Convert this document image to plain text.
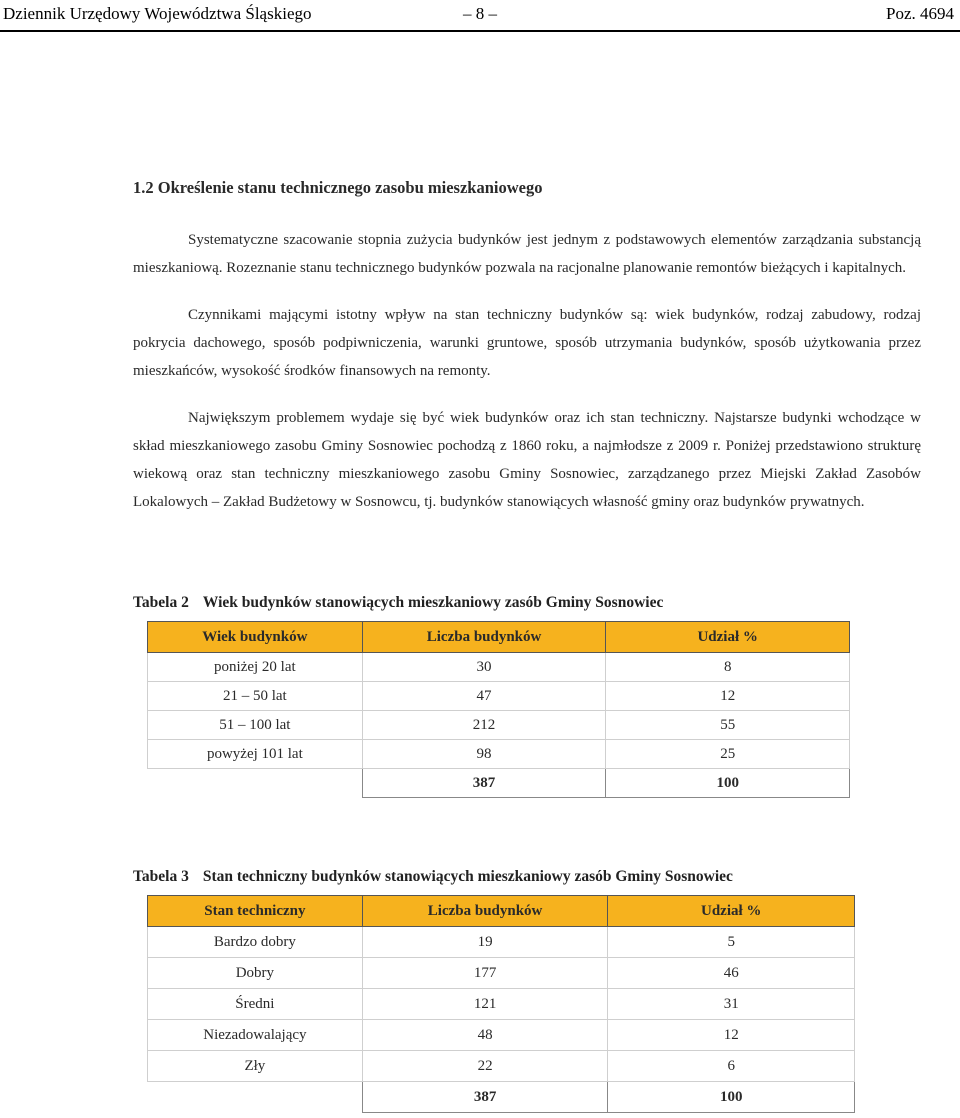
– 8 –
Dziennik Urzędowy Województwa Śląskiego	Poz. 4694
1.2 Określenie stanu technicznego zasobu mieszkaniowego

Systematyczne szacowanie stopnia zużycia budynków jest jednym z podstawowych elementów zarządzania substancją mieszkaniową. Rozeznanie stanu technicznego budynków pozwala na racjonalne planowanie remontów bieżących i kapitalnych.

Czynnikami mającymi istotny wpływ na stan techniczny budynków są: wiek budynków, rodzaj zabudowy, rodzaj pokrycia dachowego, sposób podpiwniczenia, warunki gruntowe, sposób utrzymania budynków, sposób użytkowania przez mieszkańców, wysokość środków finansowych na remonty.

Największym problemem wydaje się być wiek budynków oraz ich stan techniczny. Najstarsze budynki wchodzące w skład mieszkaniowego zasobu Gminy Sosnowiec pochodzą z 1860 roku, a najmłodsze z 2009 r. Poniżej przedstawiono strukturę wiekową oraz stan techniczny mieszkaniowego zasobu Gminy Sosnowiec, zarządzanego przez Miejski Zakład Zasobów Lokalowych – Zakład Budżetowy w Sosnowcu, tj. budynków stanowiących własność gminy oraz budynków prywatnych.

Tabela 2 Wiek budynków stanowiących mieszkaniowy zasób Gminy Sosnowiec
Wiek budynków	Liczba budynków	Udział %
poniżej 20 lat	30	8
21 – 50 lat	47	12
51 – 100 lat	212	55
powyżej 101 lat	98	25
	387	100
Tabela 3 Stan techniczny budynków stanowiących mieszkaniowy zasób Gminy Sosnowiec
Stan techniczny	Liczba budynków	Udział %
Bardzo dobry	19	5
Dobry	177	46
Średni	121	31
Niezadowalający	48	12
Zły	22	6
	387	100
